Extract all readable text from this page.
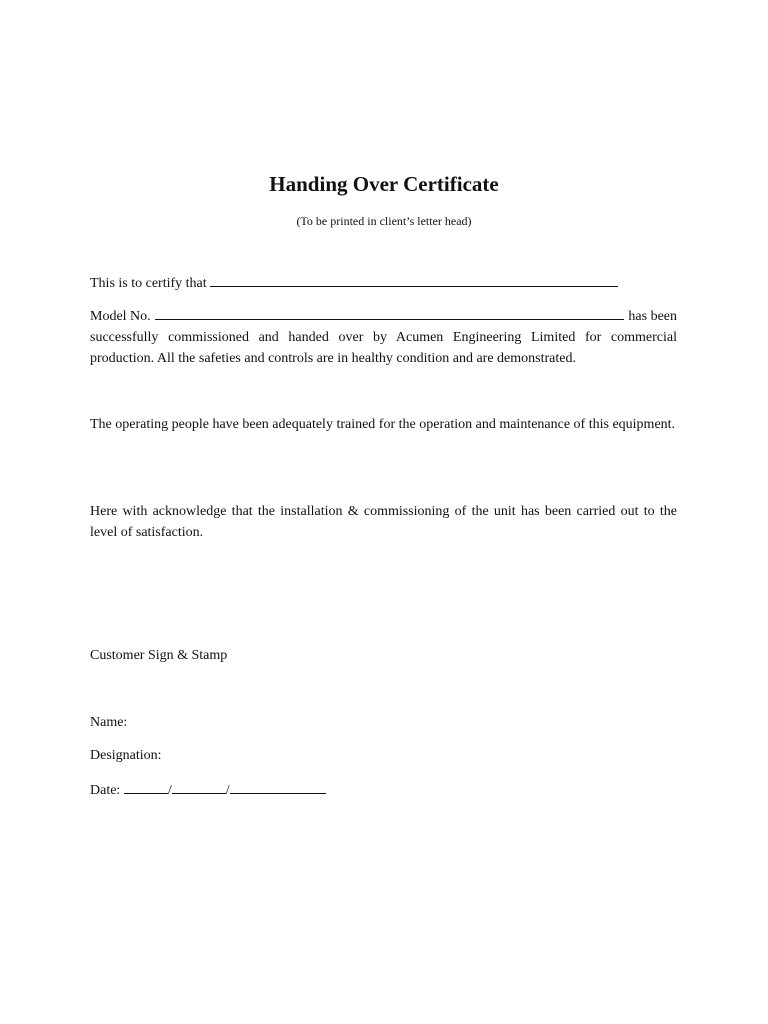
Handing Over Certificate
(To be printed in client’s letter head)

This is to certify that

Model No.	has been
successfully commissioned and handed over by Acumen Engineering Limited for commercial production. All the safeties and controls are in healthy condition and are demonstrated.

The operating people have been adequately trained for the operation and maintenance of this equipment.

Here with acknowledge that the installation & commissioning of the unit has been carried out to the level of satisfaction.

Customer Sign & Stamp
Name:
Designation:
Date:	/	/
